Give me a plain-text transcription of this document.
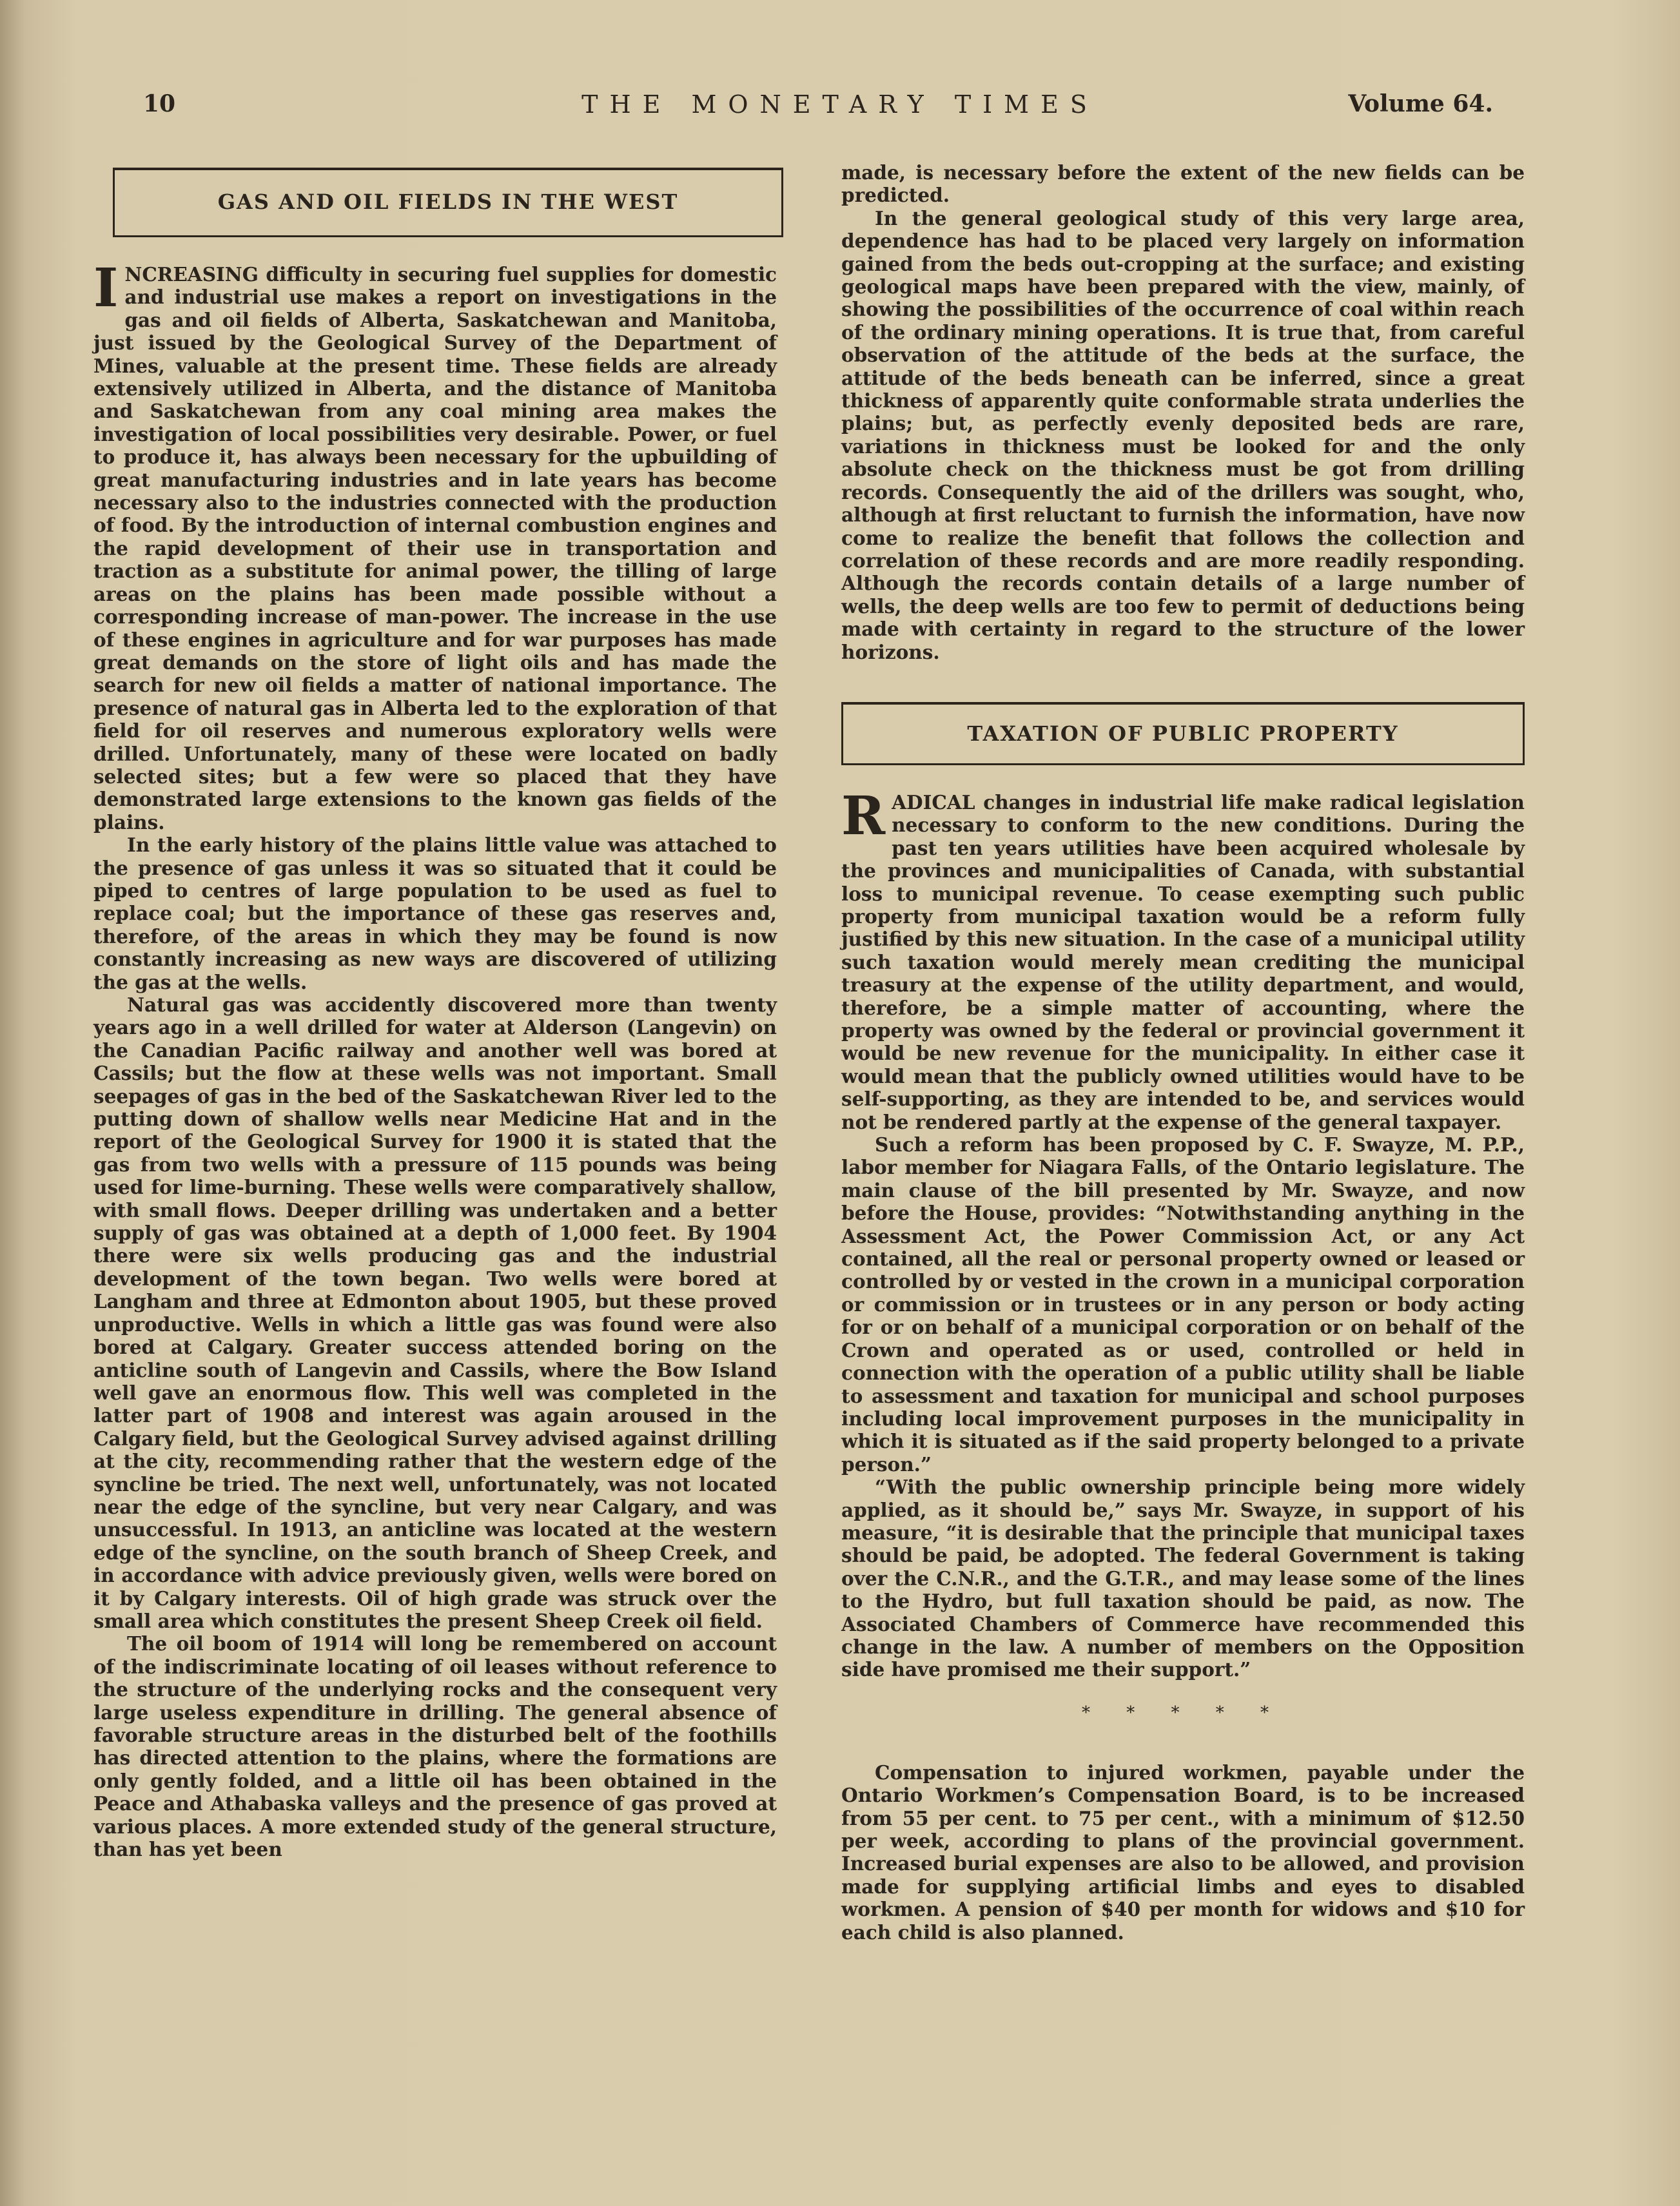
10	THE MONETARY TIMES	Volume 64.
GAS AND OIL FIELDS IN THE WEST

INCREASING difficulty in securing fuel supplies for domestic and industrial use makes a report on investigations in the gas and oil fields of Alberta, Saskatchewan and Manitoba, just issued by the Geological Survey of the Department of Mines, valuable at the present time. These fields are already extensively utilized in Alberta, and the distance of Manitoba and Saskatchewan from any coal mining area makes the investigation of local possibilities very desirable. Power, or fuel to produce it, has always been necessary for the upbuilding of great manufacturing industries and in late years has become necessary also to the industries connected with the production of food. By the introduction of internal combustion engines and the rapid development of their use in transportation and traction as a substitute for animal power, the tilling of large areas on the plains has been made possible without a corresponding increase of man-power. The increase in the use of these engines in agriculture and for war purposes has made great demands on the store of light oils and has made the search for new oil fields a matter of national importance. The presence of natural gas in Alberta led to the exploration of that field for oil reserves and numerous exploratory wells were drilled. Unfortunately, many of these were located on badly selected sites; but a few were so placed that they have demonstrated large extensions to the known gas fields of the plains.

In the early history of the plains little value was attached to the presence of gas unless it was so situated that it could be piped to centres of large population to be used as fuel to replace coal; but the importance of these gas reserves and, therefore, of the areas in which they may be found is now constantly increasing as new ways are discovered of utilizing the gas at the wells.

Natural gas was accidently discovered more than twenty years ago in a well drilled for water at Alderson (Langevin) on the Canadian Pacific railway and another well was bored at Cassils; but the flow at these wells was not important. Small seepages of gas in the bed of the Saskatchewan River led to the putting down of shallow wells near Medicine Hat and in the report of the Geological Survey for 1900 it is stated that the gas from two wells with a pressure of 115 pounds was being used for lime-burning. These wells were comparatively shallow, with small flows. Deeper drilling was undertaken and a better supply of gas was obtained at a depth of 1,000 feet. By 1904 there were six wells producing gas and the industrial development of the town began. Two wells were bored at Langham and three at Edmonton about 1905, but these proved unproductive. Wells in which a little gas was found were also bored at Calgary. Greater success attended boring on the anticline south of Langevin and Cassils, where the Bow Island well gave an enormous flow. This well was completed in the latter part of 1908 and interest was again aroused in the Calgary field, but the Geological Survey advised against drilling at the city, recommending rather that the western edge of the syncline be tried. The next well, unfortunately, was not located near the edge of the syncline, but very near Calgary, and was unsuccessful. In 1913, an anticline was located at the western edge of the syncline, on the south branch of Sheep Creek, and in accordance with advice previously given, wells were bored on it by Calgary interests. Oil of high grade was struck over the small area which constitutes the present Sheep Creek oil field.

The oil boom of 1914 will long be remembered on account of the indiscriminate locating of oil leases without reference to the structure of the underlying rocks and the consequent very large useless expenditure in drilling. The general absence of favorable structure areas in the disturbed belt of the foothills has directed attention to the plains, where the formations are only gently folded, and a little oil has been obtained in the Peace and Athabaska valleys and the presence of gas proved at various places. A more extended study of the general structure, than has yet been

made, is necessary before the extent of the new fields can be predicted.

In the general geological study of this very large area, dependence has had to be placed very largely on information gained from the beds out-cropping at the surface; and existing geological maps have been prepared with the view, mainly, of showing the possibilities of the occurrence of coal within reach of the ordinary mining operations. It is true that, from careful observation of the attitude of the beds at the surface, the attitude of the beds beneath can be inferred, since a great thickness of apparently quite conformable strata underlies the plains; but, as perfectly evenly deposited beds are rare, variations in thickness must be looked for and the only absolute check on the thickness must be got from drilling records. Consequently the aid of the drillers was sought, who, although at first reluctant to furnish the information, have now come to realize the benefit that follows the collection and correlation of these records and are more readily responding. Although the records contain details of a large number of wells, the deep wells are too few to permit of deductions being made with certainty in regard to the structure of the lower horizons.

TAXATION OF PUBLIC PROPERTY

RADICAL changes in industrial life make radical legislation necessary to conform to the new conditions. During the past ten years utilities have been acquired wholesale by the provinces and municipalities of Canada, with substantial loss to municipal revenue. To cease exempting such public property from municipal taxation would be a reform fully justified by this new situation. In the case of a municipal utility such taxation would merely mean crediting the municipal treasury at the expense of the utility department, and would, therefore, be a simple matter of accounting, where the property was owned by the federal or provincial government it would be new revenue for the municipality. In either case it would mean that the publicly owned utilities would have to be self-supporting, as they are intended to be, and services would not be rendered partly at the expense of the general taxpayer.

Such a reform has been proposed by C. F. Swayze, M. P.P., labor member for Niagara Falls, of the Ontario legislature. The main clause of the bill presented by Mr. Swayze, and now before the House, provides: “Notwithstanding anything in the Assessment Act, the Power Commission Act, or any Act contained, all the real or personal property owned or leased or controlled by or vested in the crown in a municipal corporation or commission or in trustees or in any person or body acting for or on behalf of a municipal corporation or on behalf of the Crown and operated as or used, controlled or held in connection with the operation of a public utility shall be liable to assessment and taxation for municipal and school purposes including local improvement purposes in the municipality in which it is situated as if the said property belonged to a private person.”

“With the public ownership principle being more widely applied, as it should be,” says Mr. Swayze, in support of his measure, “it is desirable that the principle that municipal taxes should be paid, be adopted. The federal Government is taking over the C.N.R., and the G.T.R., and may lease some of the lines to the Hydro, but full taxation should be paid, as now. The Associated Chambers of Commerce have recommended this change in the law. A number of members on the Opposition side have promised me their support.”

* * * * *

Compensation to injured workmen, payable under the Ontario Workmen’s Compensation Board, is to be increased from 55 per cent. to 75 per cent., with a minimum of $12.50 per week, according to plans of the provincial government. Increased burial expenses are also to be allowed, and provision made for supplying artificial limbs and eyes to disabled workmen. A pension of $40 per month for widows and $10 for each child is also planned.
